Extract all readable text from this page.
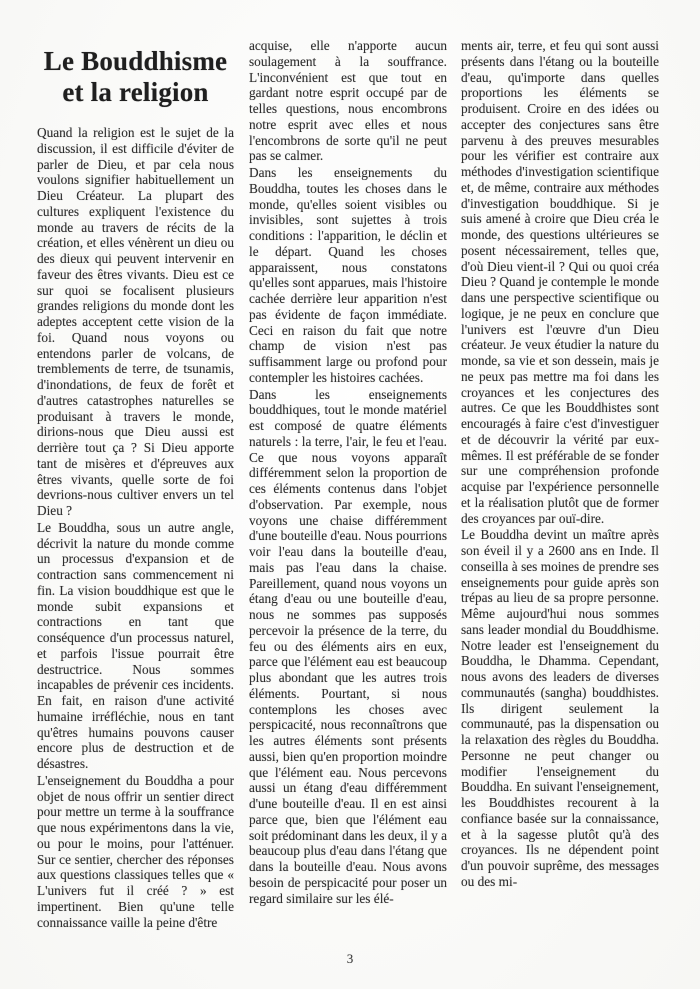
Le Bouddhisme
et la religion

Quand la religion est le sujet de la discussion, il est difficile d'éviter de parler de Dieu, et par cela nous voulons signifier habituellement un Dieu Créateur. La plupart des cultures expliquent l'existence du monde au travers de récits de la création, et elles vénèrent un dieu ou des dieux qui peuvent intervenir en faveur des êtres vivants. Dieu est ce sur quoi se focalisent plusieurs grandes religions du monde dont les adeptes acceptent cette vision de la foi. Quand nous voyons ou entendons parler de volcans, de tremblements de terre, de tsunamis, d'inondations, de feux de forêt et d'autres catastrophes naturelles se produisant à travers le monde, dirions-nous que Dieu aussi est derrière tout ça ? Si Dieu apporte tant de misères et d'épreuves aux êtres vivants, quelle sorte de foi devrions-nous cultiver envers un tel Dieu ?

Le Bouddha, sous un autre angle, décrivit la nature du monde comme un processus d'expansion et de contraction sans commencement ni fin. La vision bouddhique est que le monde subit expansions et contractions en tant que conséquence d'un processus naturel, et parfois l'issue pourrait être destructrice. Nous sommes incapables de prévenir ces incidents. En fait, en raison d'une activité humaine irréfléchie, nous en tant qu'êtres humains pouvons causer encore plus de destruction et de désastres.

L'enseignement du Bouddha a pour objet de nous offrir un sentier direct pour mettre un terme à la souffrance que nous expérimentons dans la vie, ou pour le moins, pour l'atténuer. Sur ce sentier, chercher des réponses aux questions classiques telles que « L'univers fut il créé ? » est impertinent. Bien qu'une telle connaissance vaille la peine d'être

acquise, elle n'apporte aucun soulagement à la souffrance. L'inconvénient est que tout en gardant notre esprit occupé par de telles questions, nous encombrons notre esprit avec elles et nous l'encombrons de sorte qu'il ne peut pas se calmer.

Dans les enseignements du Bouddha, toutes les choses dans le monde, qu'elles soient visibles ou invisibles, sont sujettes à trois conditions : l'apparition, le déclin et le départ. Quand les choses apparaissent, nous constatons qu'elles sont apparues, mais l'histoire cachée derrière leur apparition n'est pas évidente de façon immédiate. Ceci en raison du fait que notre champ de vision n'est pas suffisamment large ou profond pour contempler les histoires cachées.

Dans les enseignements bouddhiques, tout le monde matériel est composé de quatre éléments naturels : la terre, l'air, le feu et l'eau. Ce que nous voyons apparaît différemment selon la proportion de ces éléments contenus dans l'objet d'observation. Par exemple, nous voyons une chaise différemment d'une bouteille d'eau. Nous pourrions voir l'eau dans la bouteille d'eau, mais pas l'eau dans la chaise. Pareillement, quand nous voyons un étang d'eau ou une bouteille d'eau, nous ne sommes pas supposés percevoir la présence de la terre, du feu ou des éléments airs en eux, parce que l'élément eau est beaucoup plus abondant que les autres trois éléments. Pourtant, si nous contemplons les choses avec perspicacité, nous reconnaîtrons que les autres éléments sont présents aussi, bien qu'en proportion moindre que l'élément eau. Nous percevons aussi un étang d'eau différemment d'une bouteille d'eau. Il en est ainsi parce que, bien que l'élément eau soit prédominant dans les deux, il y a beaucoup plus d'eau dans l'étang que dans la bouteille d'eau. Nous avons besoin de perspicacité pour poser un regard similaire sur les élé-

ments air, terre, et feu qui sont aussi présents dans l'étang ou la bouteille d'eau, qu'importe dans quelles proportions les éléments se produisent. Croire en des idées ou accepter des conjectures sans être parvenu à des preuves mesurables pour les vérifier est contraire aux méthodes d'investigation scientifique et, de même, contraire aux méthodes d'investigation bouddhique. Si je suis amené à croire que Dieu créa le monde, des questions ultérieures se posent nécessairement, telles que, d'où Dieu vient-il ? Qui ou quoi créa Dieu ? Quand je contemple le monde dans une perspective scientifique ou logique, je ne peux en conclure que l'univers est l'œuvre d'un Dieu créateur. Je veux étudier la nature du monde, sa vie et son dessein, mais je ne peux pas mettre ma foi dans les croyances et les conjectures des autres. Ce que les Bouddhistes sont encouragés à faire c'est d'investiguer et de découvrir la vérité par eux-mêmes. Il est préférable de se fonder sur une compréhension profonde acquise par l'expérience personnelle et la réalisation plutôt que de former des croyances par ouï-dire.

Le Bouddha devint un maître après son éveil il y a 2600 ans en Inde. Il conseilla à ses moines de prendre ses enseignements pour guide après son trépas au lieu de sa propre personne. Même aujourd'hui nous sommes sans leader mondial du Bouddhisme. Notre leader est l'enseignement du Bouddha, le Dhamma. Cependant, nous avons des leaders de diverses communautés (sangha) bouddhistes. Ils dirigent seulement la communauté, pas la dispensation ou la relaxation des règles du Bouddha. Personne ne peut changer ou modifier l'enseignement du Bouddha. En suivant l'enseignement, les Bouddhistes recourent à la confiance basée sur la connaissance, et à la sagesse plutôt qu'à des croyances. Ils ne dépendent point d'un pouvoir suprême, des messages ou des mi-

3
